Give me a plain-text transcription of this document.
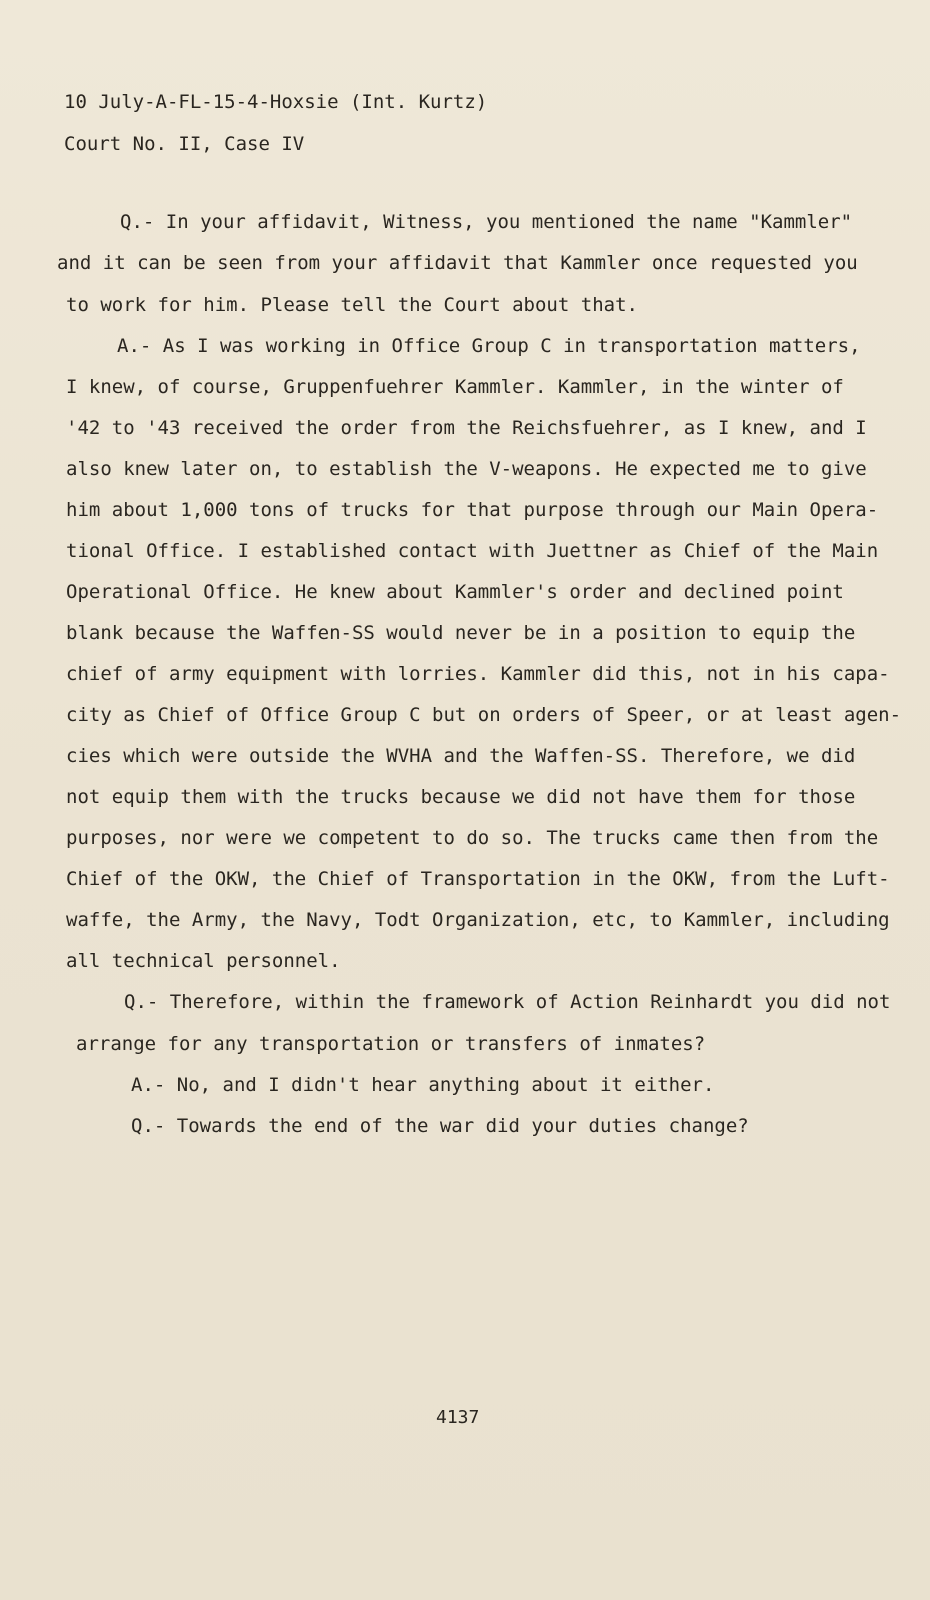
10 July-A-FL-15-4-Hoxsie (Int. Kurtz)
Court No. II, Case IV
Q.- In your affidavit, Witness, you mentioned the name "Kammler"
and it can be seen from your affidavit that Kammler once requested you
to work for him. Please tell the Court about that.
A.- As I was working in Office Group C in transportation matters,
I knew, of course, Gruppenfuehrer Kammler. Kammler, in the winter of
'42 to '43 received the order from the Reichsfuehrer, as I knew, and I
also knew later on, to establish the V-weapons. He expected me to give
him about 1,000 tons of trucks for that purpose through our Main Opera-
tional Office. I established contact with Juettner as Chief of the Main
Operational Office. He knew about Kammler's order and declined point
blank because the Waffen-SS would never be in a position to equip the
chief of army equipment with lorries. Kammler did this, not in his capa-
city as Chief of Office Group C but on orders of Speer, or at least agen-
cies which were outside the WVHA and the Waffen-SS. Therefore, we did
not equip them with the trucks because we did not have them for those
purposes, nor were we competent to do so. The trucks came then from the
Chief of the OKW, the Chief of Transportation in the OKW, from the Luft-
waffe, the Army, the Navy, Todt Organization, etc, to Kammler, including
all technical personnel.
Q.- Therefore, within the framework of Action Reinhardt you did not
arrange for any transportation or transfers of inmates?
A.- No, and I didn't hear anything about it either.
Q.- Towards the end of the war did your duties change?
4137
